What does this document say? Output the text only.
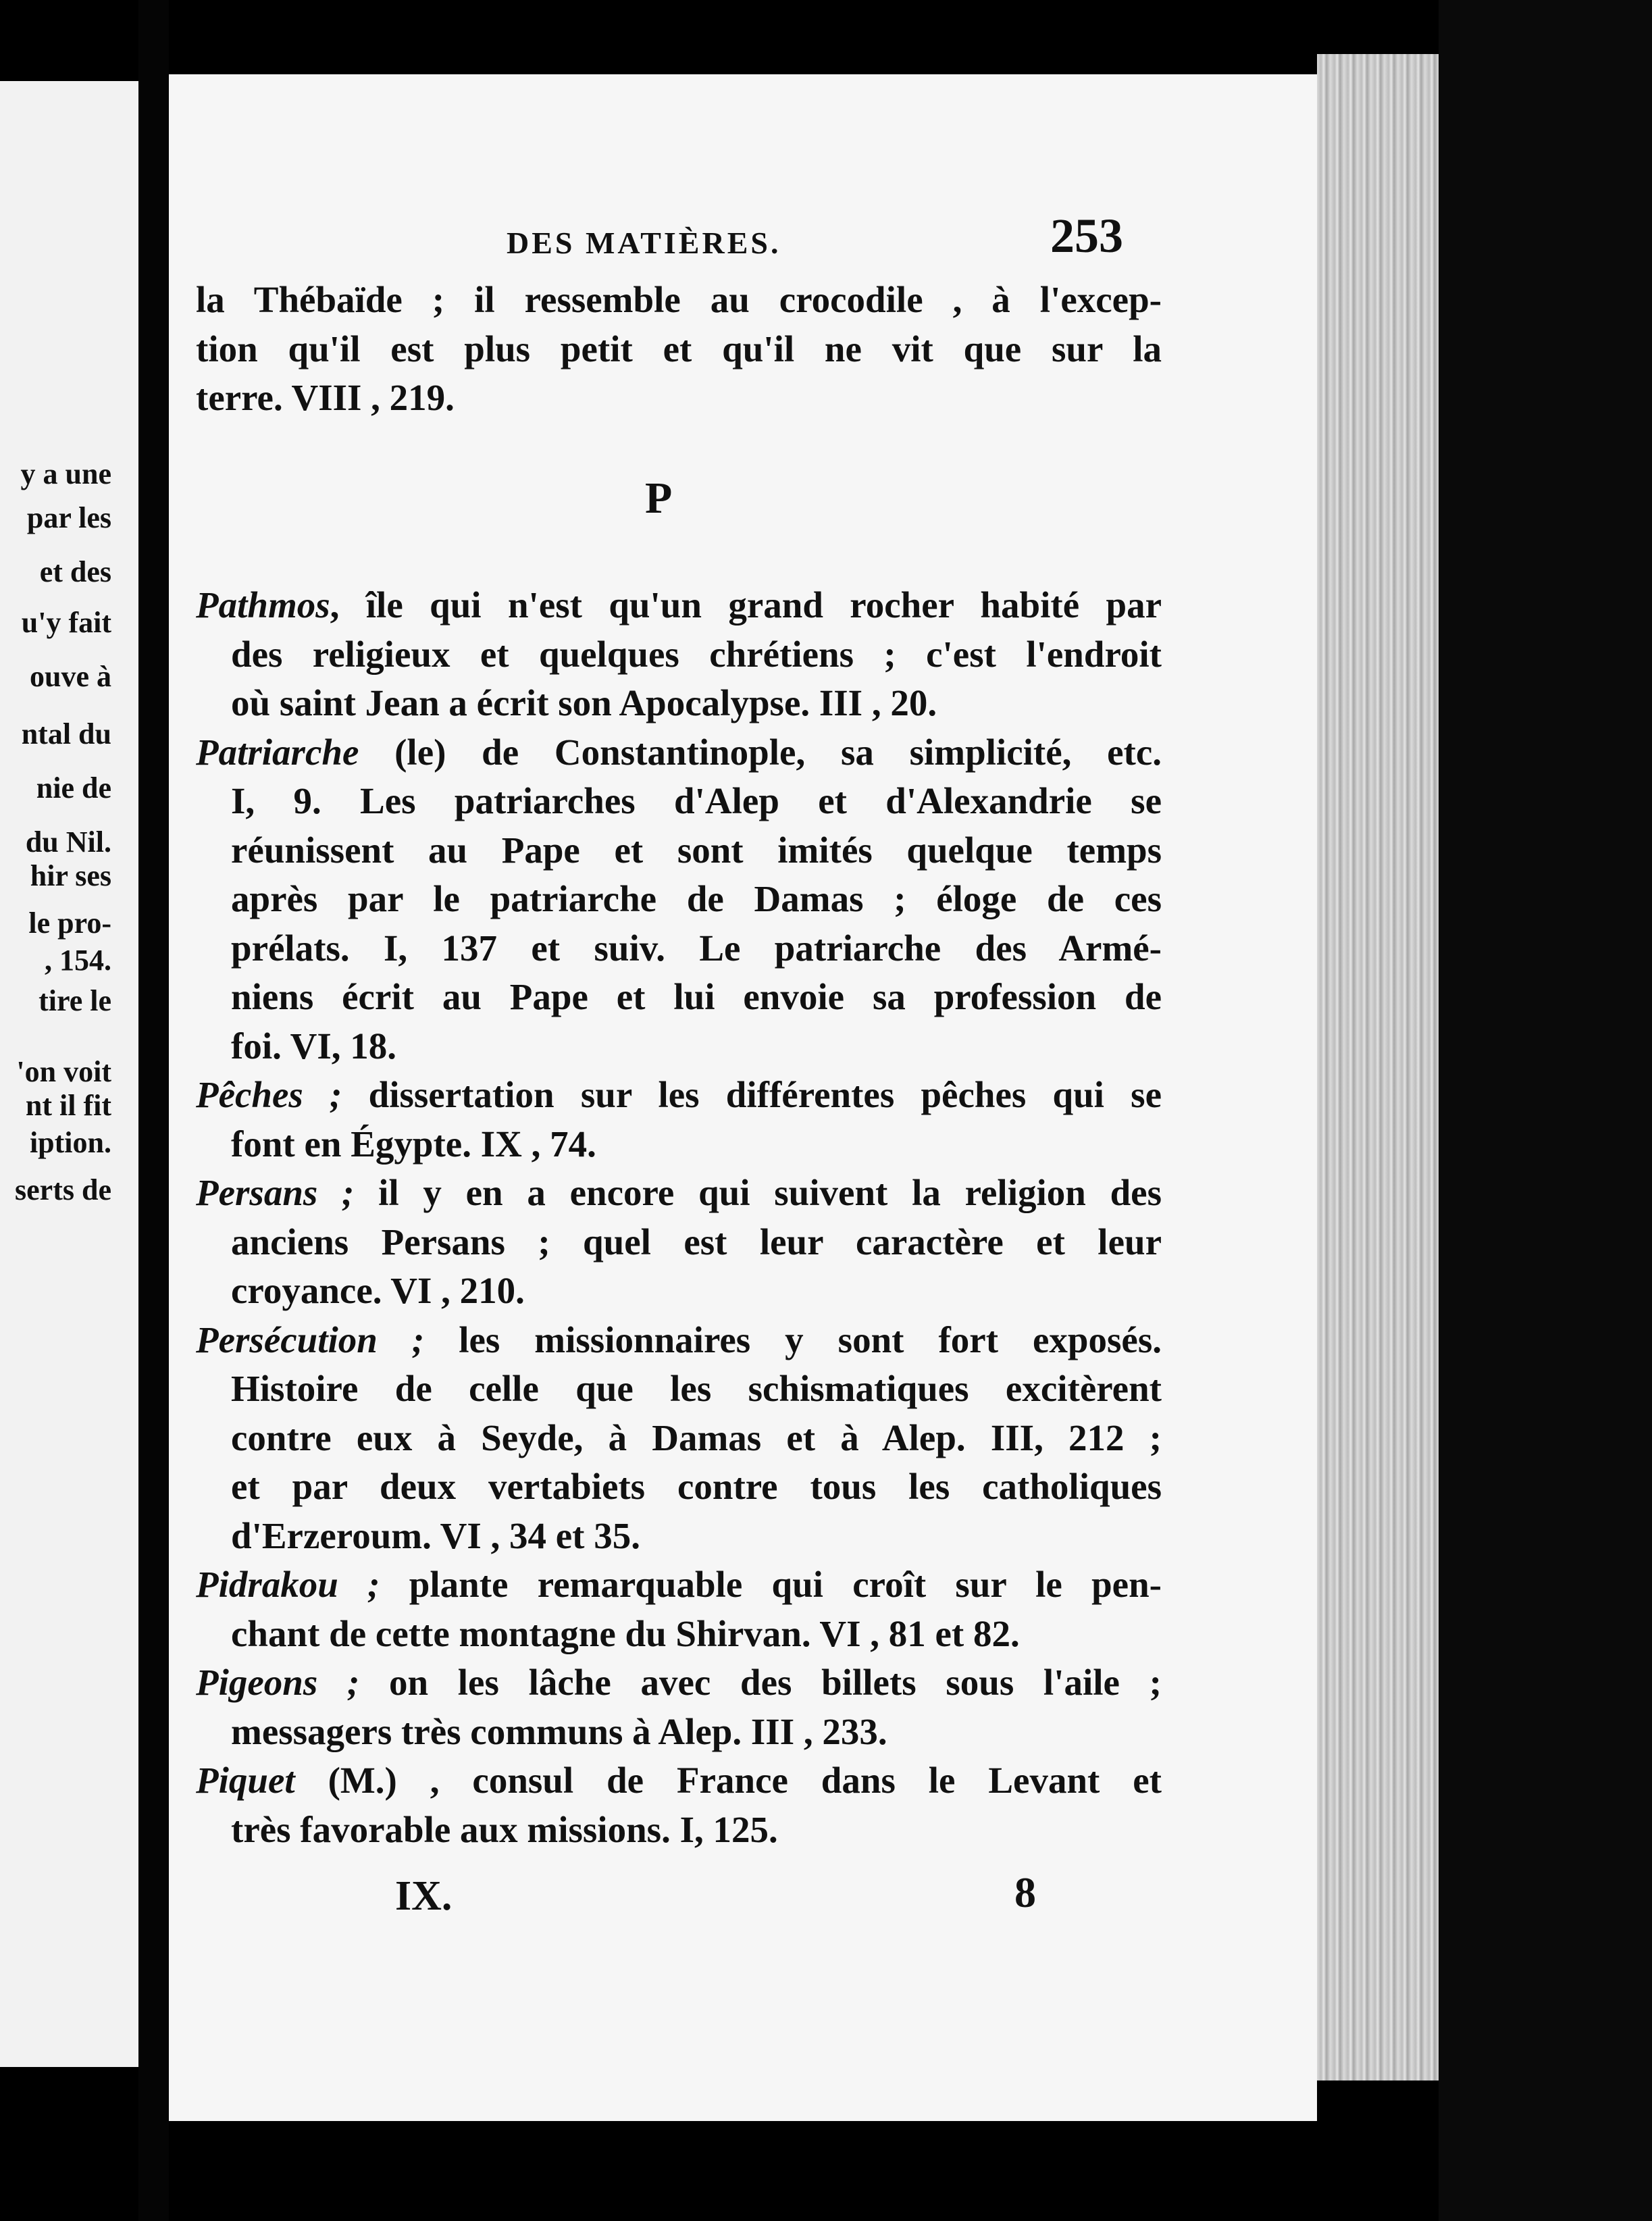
y a une
par les
et des
u'y fait
ouve à
ntal du
nie de
du Nil.
hir ses
le pro-
, 154.
tire le
'on voit
nt il fit
iption.
serts de
DES MATIÈRES.	253
la Thébaïde ; il ressemble au crocodile , à l'excep-
tion qu'il est plus petit et qu'il ne vit que sur la
terre. VIII , 219.
P
Pathmos, île qui n'est qu'un grand rocher habité par
des religieux et quelques chrétiens ; c'est l'endroit
où saint Jean a écrit son Apocalypse. III , 20.
Patriarche (le) de Constantinople, sa simplicité, etc.
I, 9. Les patriarches d'Alep et d'Alexandrie se
réunissent au Pape et sont imités quelque temps
après par le patriarche de Damas ; éloge de ces
prélats. I, 137 et suiv. Le patriarche des Armé-
niens écrit au Pape et lui envoie sa profession de
foi. VI, 18.
Pêches ; dissertation sur les différentes pêches qui se
font en Égypte. IX , 74.
Persans ; il y en a encore qui suivent la religion des
anciens Persans ; quel est leur caractère et leur
croyance. VI , 210.
Persécution ; les missionnaires y sont fort exposés.
Histoire de celle que les schismatiques excitèrent
contre eux à Seyde, à Damas et à Alep. III, 212 ;
et par deux vertabiets contre tous les catholiques
d'Erzeroum. VI , 34 et 35.
Pidrakou ; plante remarquable qui croît sur le pen-
chant de cette montagne du Shirvan. VI , 81 et 82.
Pigeons ; on les lâche avec des billets sous l'aile ;
messagers très communs à Alep. III , 233.
Piquet (M.) , consul de France dans le Levant et
très favorable aux missions. I, 125.
IX.	8
